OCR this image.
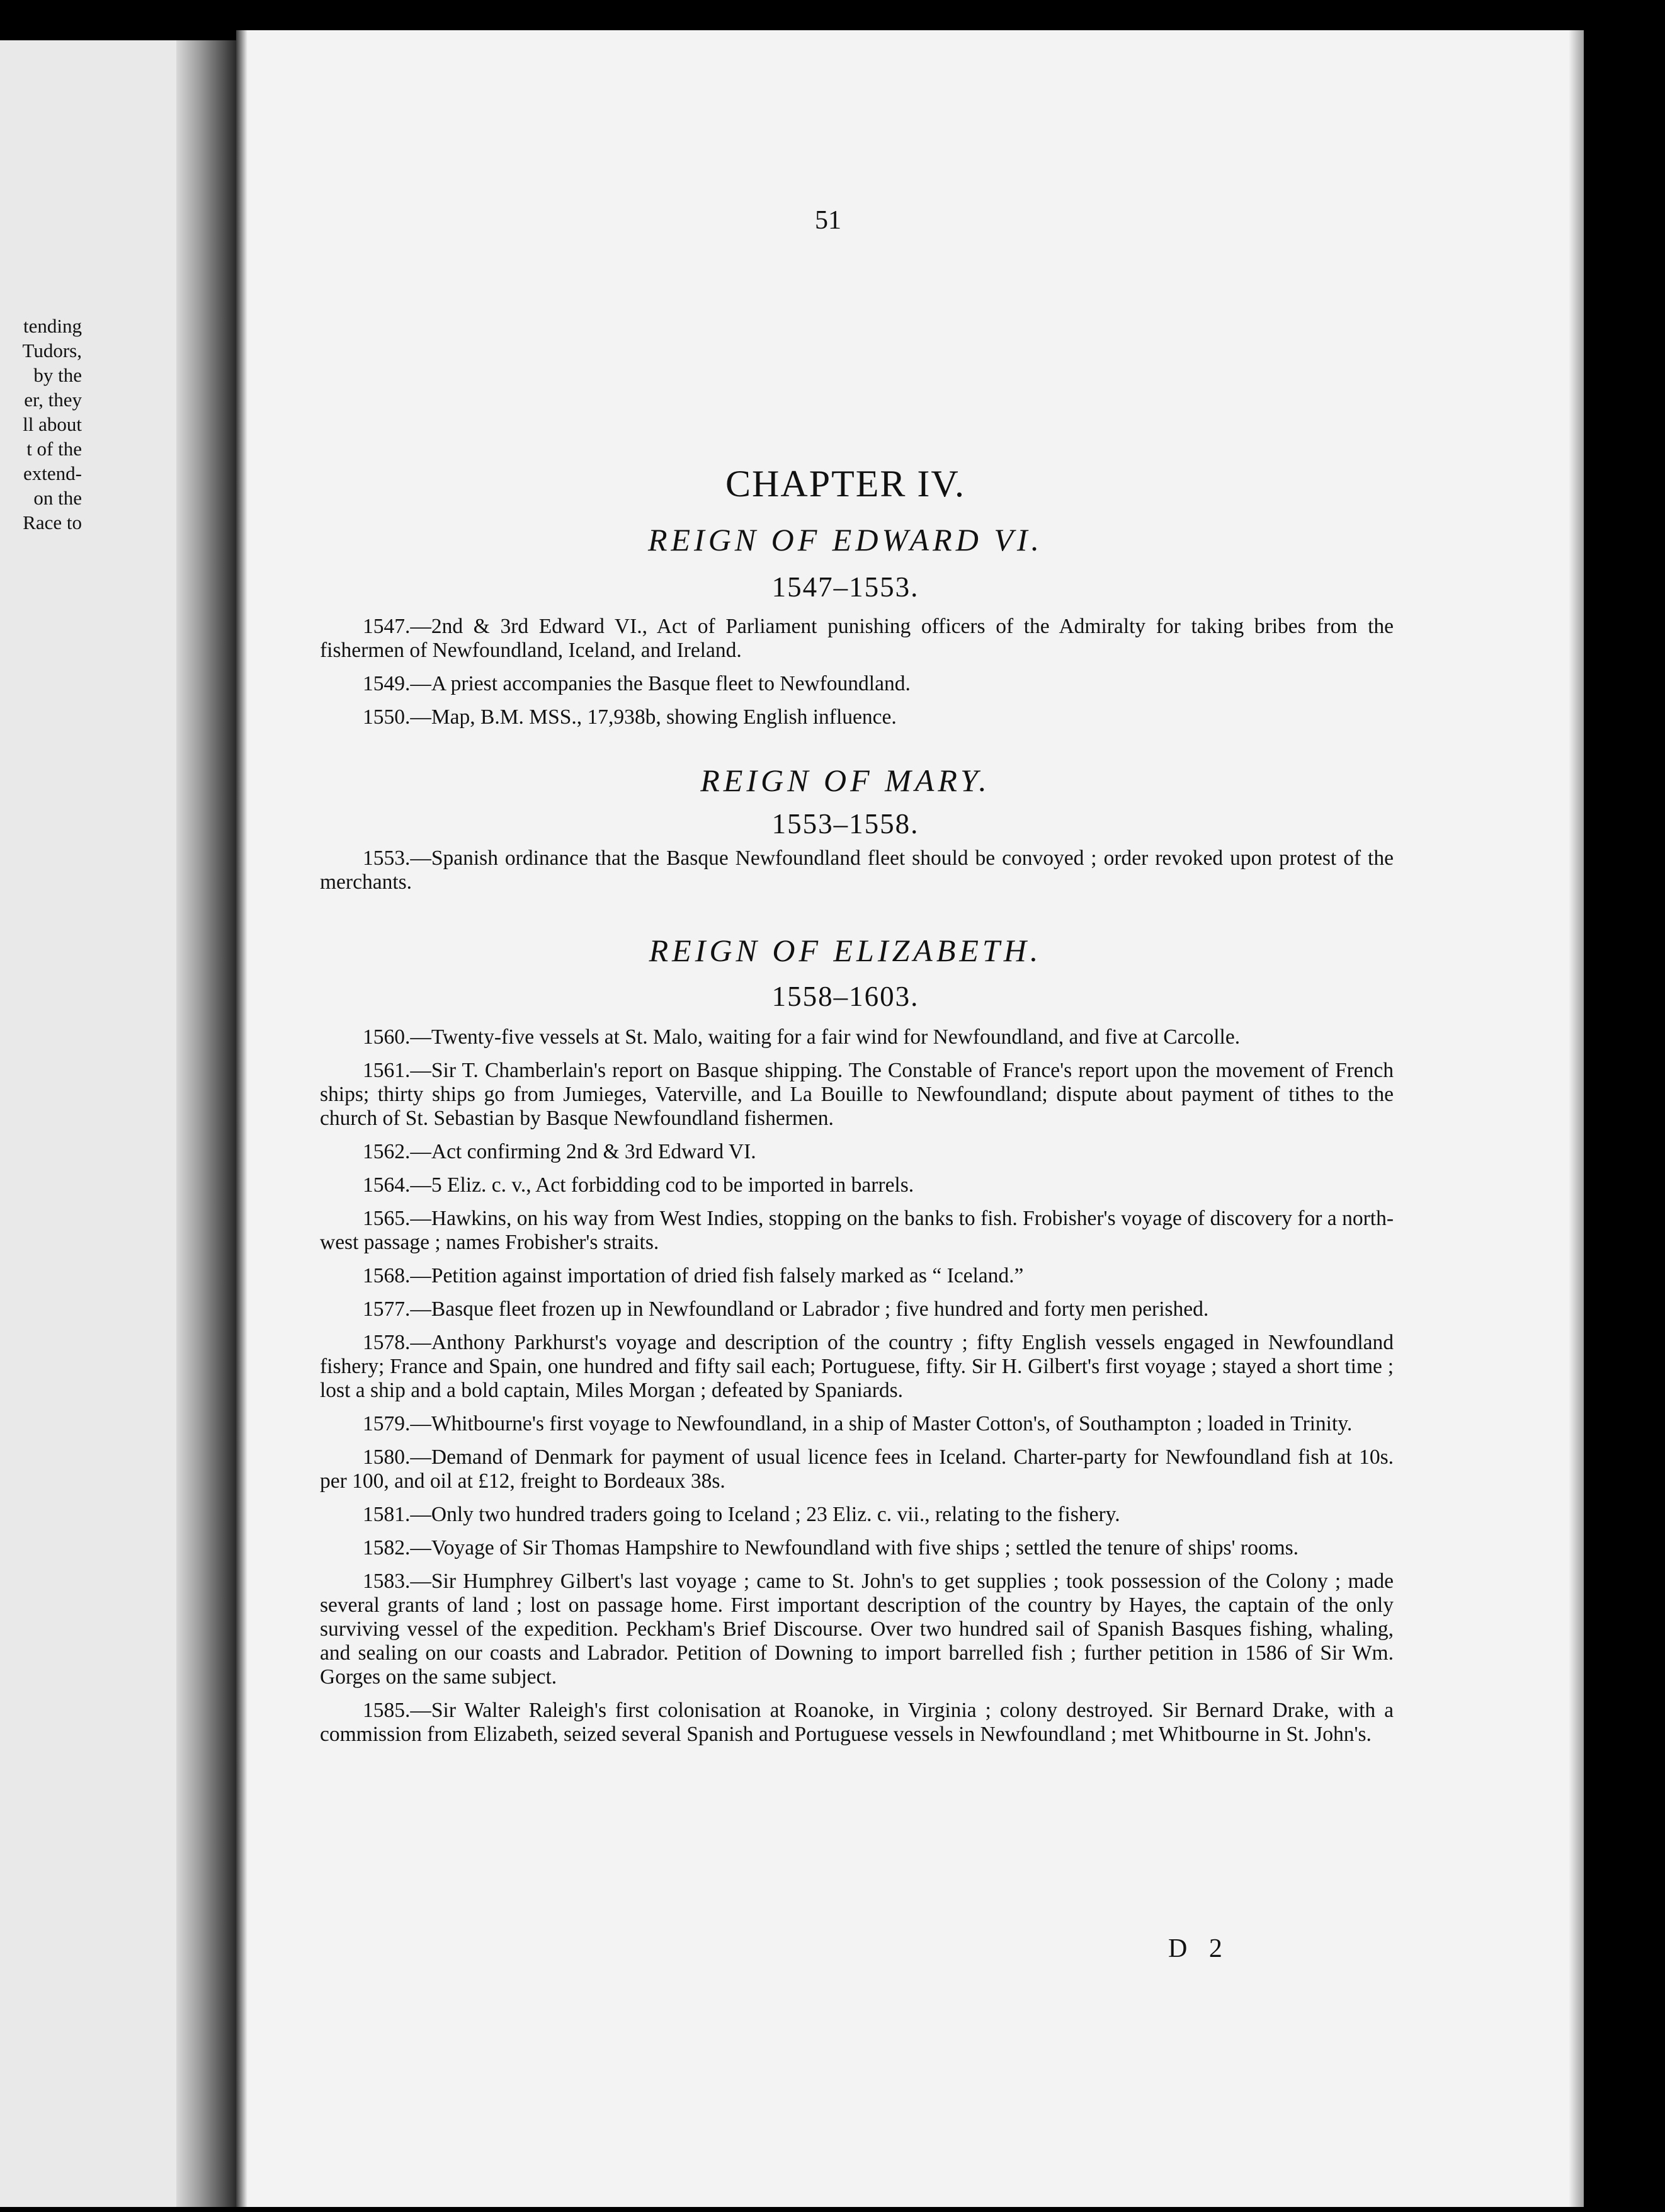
tending
Tudors,
by the
er, they
ll about
t of the
extend-
on the
Race to
51
CHAPTER IV.
REIGN OF EDWARD VI.
1547–1553.
1547.—2nd & 3rd Edward VI., Act of Parliament punishing officers of the Admiralty for taking bribes from the fishermen of Newfoundland, Iceland, and Ireland.
1549.—A priest accompanies the Basque fleet to Newfoundland.
1550.—Map, B.M. MSS., 17,938b, showing English influence.
REIGN OF MARY.
1553–1558.
1553.—Spanish ordinance that the Basque Newfoundland fleet should be convoyed ; order revoked upon protest of the merchants.
REIGN OF ELIZABETH.
1558–1603.
1560.—Twenty-five vessels at St. Malo, waiting for a fair wind for Newfoundland, and five at Carcolle.
1561.—Sir T. Chamberlain's report on Basque shipping. The Constable of France's report upon the movement of French ships; thirty ships go from Jumieges, Vaterville, and La Bouille to Newfoundland; dispute about payment of tithes to the church of St. Sebastian by Basque Newfoundland fishermen.
1562.—Act confirming 2nd & 3rd Edward VI.
1564.—5 Eliz. c. v., Act forbidding cod to be imported in barrels.
1565.—Hawkins, on his way from West Indies, stopping on the banks to fish. Frobisher's voyage of discovery for a north-west passage ; names Frobisher's straits.
1568.—Petition against importation of dried fish falsely marked as “ Iceland.”
1577.—Basque fleet frozen up in Newfoundland or Labrador ; five hundred and forty men perished.
1578.—Anthony Parkhurst's voyage and description of the country ; fifty English vessels engaged in Newfoundland fishery; France and Spain, one hundred and fifty sail each; Portuguese, fifty. Sir H. Gilbert's first voyage ; stayed a short time ; lost a ship and a bold captain, Miles Morgan ; defeated by Spaniards.
1579.—Whitbourne's first voyage to Newfoundland, in a ship of Master Cotton's, of Southampton ; loaded in Trinity.
1580.—Demand of Denmark for payment of usual licence fees in Iceland. Charter-party for Newfoundland fish at 10s. per 100, and oil at £12, freight to Bordeaux 38s.
1581.—Only two hundred traders going to Iceland ; 23 Eliz. c. vii., relating to the fishery.
1582.—Voyage of Sir Thomas Hampshire to Newfoundland with five ships ; settled the tenure of ships' rooms.
1583.—Sir Humphrey Gilbert's last voyage ; came to St. John's to get supplies ; took possession of the Colony ; made several grants of land ; lost on passage home. First important description of the country by Hayes, the captain of the only surviving vessel of the expedition. Peckham's Brief Discourse. Over two hundred sail of Spanish Basques fishing, whaling, and sealing on our coasts and Labrador. Petition of Downing to import barrelled fish ; further petition in 1586 of Sir Wm. Gorges on the same subject.
1585.—Sir Walter Raleigh's first colonisation at Roanoke, in Virginia ; colony destroyed. Sir Bernard Drake, with a commission from Elizabeth, seized several Spanish and Portuguese vessels in Newfoundland ; met Whitbourne in St. John's.
D 2
